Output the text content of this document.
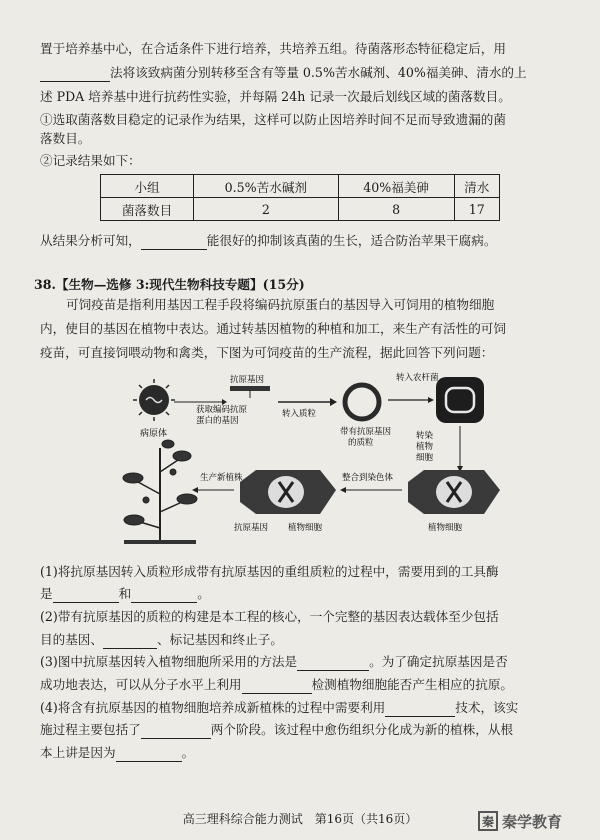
置于培养基中心，在合适条件下进行培养，共培养五组。待菌落形态特征稳定后，用
法将该致病菌分别转移至含有等量 0.5%苦水碱剂、40%福美砷、清水的上
述 PDA 培养基中进行抗药性实验，并每隔 24h 记录一次最后划线区域的菌落数目。
①选取菌落数目稳定的记录作为结果，这样可以防止因培养时间不足而导致遗漏的菌
落数目。
②记录结果如下：
小组	0.5%苦水碱剂	40%福美砷	清水
菌落数目	2	8	17
从结果分析可知，	能很好的抑制该真菌的生长，适合防治苹果干腐病。
38.【生物—选修 3:现代生物科技专题】(15分)
可饲疫苗是指利用基因工程手段将编码抗原蛋白的基因导入可饲用的植物细胞
内，使目的基因在植物中表达。通过转基因植物的种植和加工，来生产有活性的可饲
疫苗，可直接饲喂动物和禽类，下图为可饲疫苗的生产流程，据此回答下列问题：
病原体
获取编码抗原
蛋白的基因
抗原基因
转入质粒
带有抗原基因
的质粒
转入农杆菌
转染
植物
细胞
植物细胞
整合到染色体
抗原基因 植物细胞
生产新植株
(1)将抗原基因转入质粒形成带有抗原基因的重组质粒的过程中，需要用到的工具酶
是	和	。
(2)带有抗原基因的质粒的构建是本工程的核心，一个完整的基因表达载体至少包括
目的基因、	、标记基因和终止子。
(3)图中抗原基因转入植物细胞所采用的方法是	。为了确定抗原基因是否
成功地表达，可以从分子水平上利用	检测植物细胞能否产生相应的抗原。
(4)将含有抗原基因的植物细胞培养成新植株的过程中需要利用	技术，该实
施过程主要包括了	两个阶段。该过程中愈伤组织分化成为新的植株，从根
本上讲是因为	。
高三理科综合能力测试　第16页（共16页）	秦 秦学教育
